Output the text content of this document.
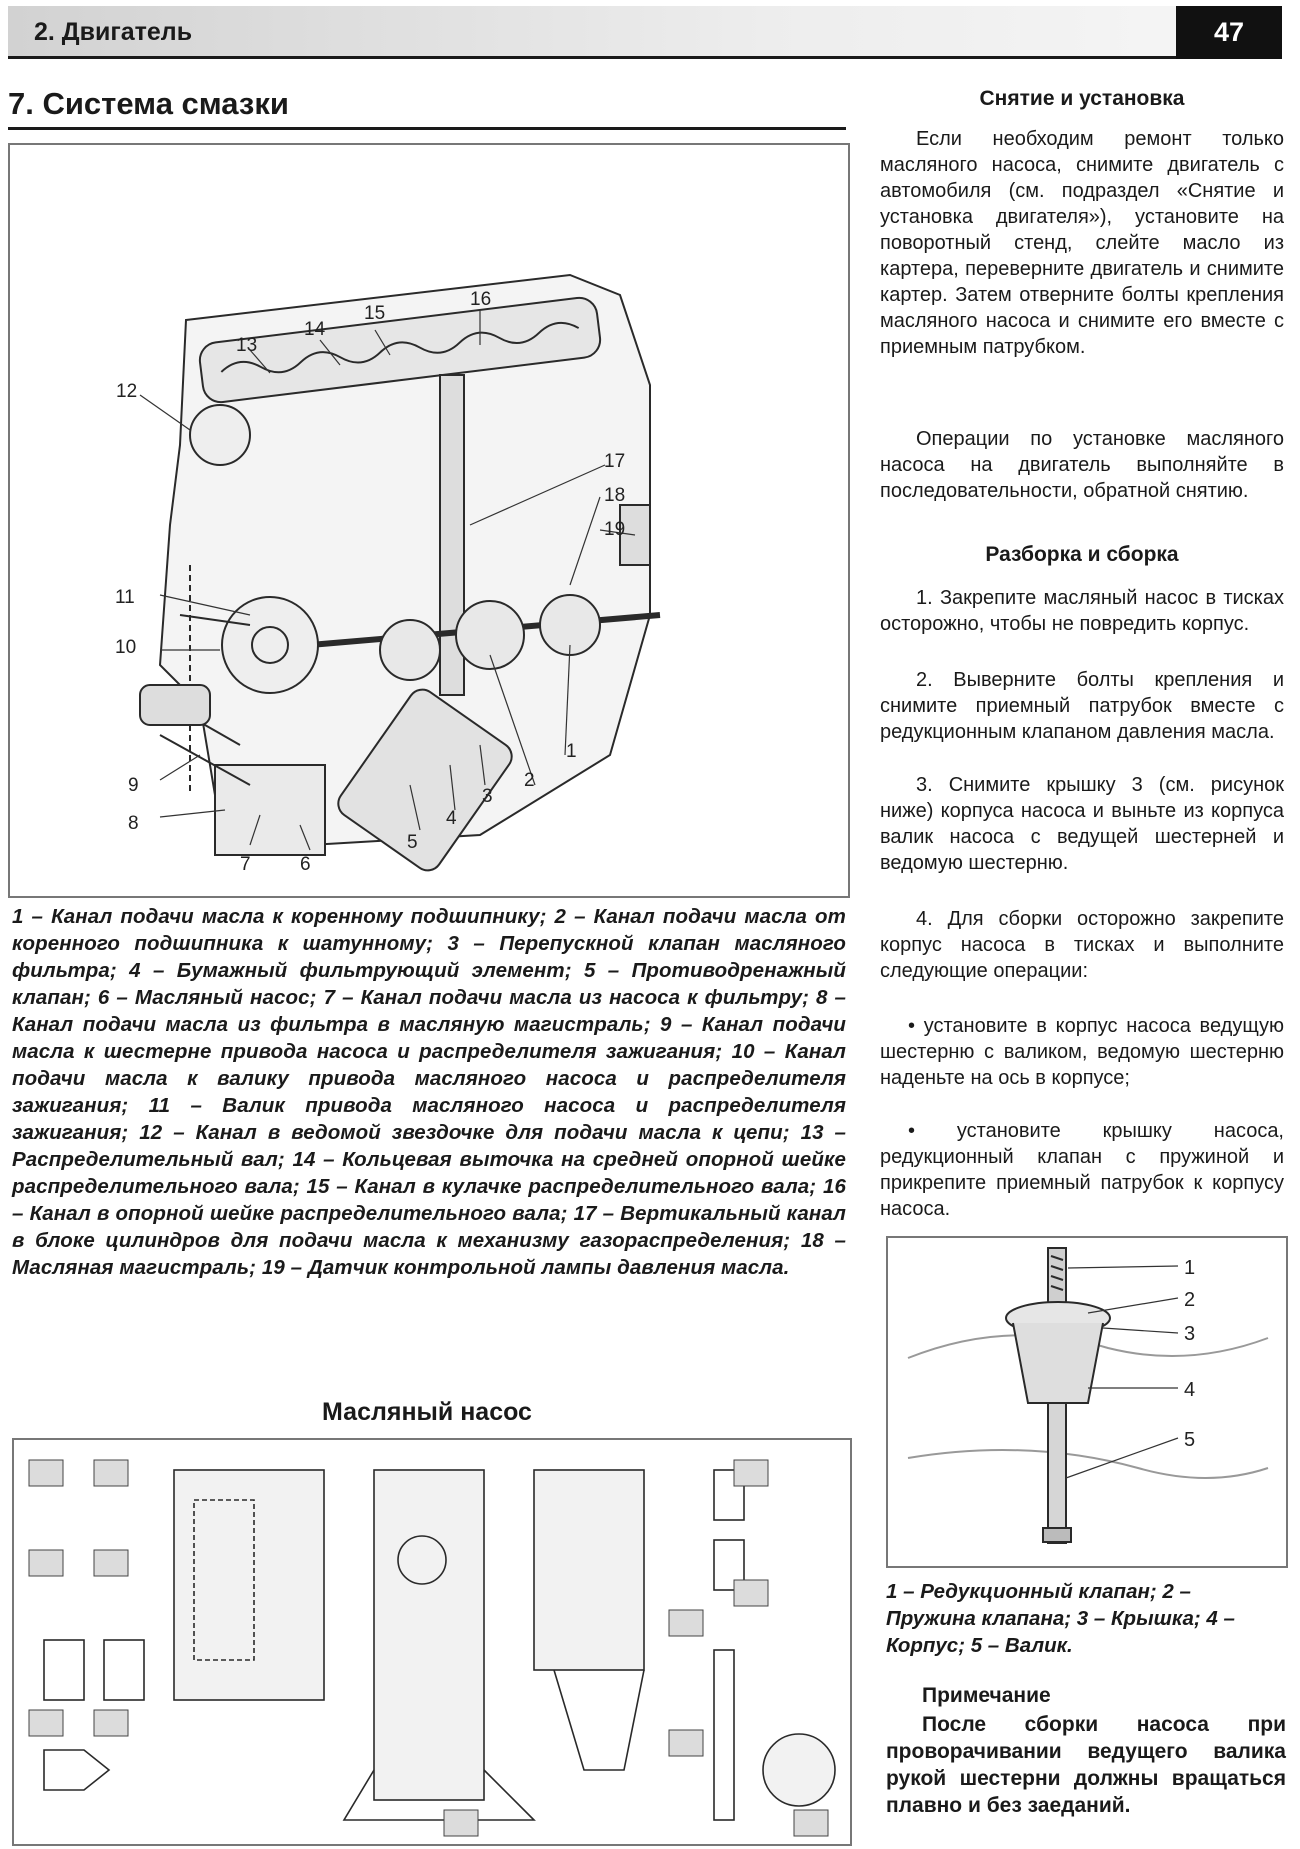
2. Двигатель	47
7. Система смазки
1
2
3
4
5
6
7
8
9
10
11
12
13
14
15
16
17
18
19
1 – Канал подачи масла к коренному подшипнику; 2 – Канал подачи масла от коренного подшипника к шатунному; 3 – Перепускной клапан масляного фильтра; 4 – Бумажный фильтрующий элемент; 5 – Противодренажный клапан; 6 – Масляный насос; 7 – Канал подачи масла из насоса к фильтру; 8 – Канал подачи масла из фильтра в масляную магистраль; 9 – Канал подачи масла к шестерне привода насоса и распределителя зажигания; 10 – Канал подачи масла к валику привода масляного насоса и распределителя зажигания; 11 – Валик привода масляного насоса и распределителя зажигания; 12 – Канал в ведомой звездочке для подачи масла к цепи; 13 – Распределительный вал; 14 – Кольцевая выточка на средней опорной шейке распределительного вала; 15 – Канал в кулачке распределительного вала; 16 – Канал в опорной шейке распределительного вала; 17 – Вертикальный канал в блоке цилиндров для подачи масла к механизму газораспределения; 18 – Масляная магистраль; 19 – Датчик контрольной лампы давления масла.
Масляный насос
Снятие и установка
Если необходим ремонт только масляного насоса, снимите двигатель с автомобиля (см. подраздел «Снятие и установка двигателя»), установите на поворотный стенд, слейте масло из картера, переверните двигатель и снимите картер. Затем отверните болты крепления масляного насоса и снимите его вместе с приемным патрубком.
Операции по установке масляного насоса на двигатель выполняйте в последовательности, обратной снятию.
Разборка и сборка
1. Закрепите масляный насос в тисках осторожно, чтобы не повредить корпус.
2. Выверните болты крепления и снимите приемный патрубок вместе с редукционным клапаном давления масла.
3. Снимите крышку 3 (см. рисунок ниже) корпуса насоса и выньте из корпуса валик насоса с ведущей шестерней и ведомую шестерню.
4. Для сборки осторожно закрепите корпус насоса в тисках и выполните следующие операции:
• установите в корпус насоса ведущую шестерню с валиком, ведомую шестерню наденьте на ось в корпусе;
• установите крышку насоса, редукционный клапан с пружиной и прикрепите приемный патрубок к корпусу насоса.
1
2
3
4
5
1 – Редукционный клапан; 2 – Пружина клапана; 3 – Крышка; 4 – Корпус; 5 – Валик.
Примечание
После сборки насоса при проворачивании ведущего валика рукой шестерни должны вращаться плавно и без заеданий.
